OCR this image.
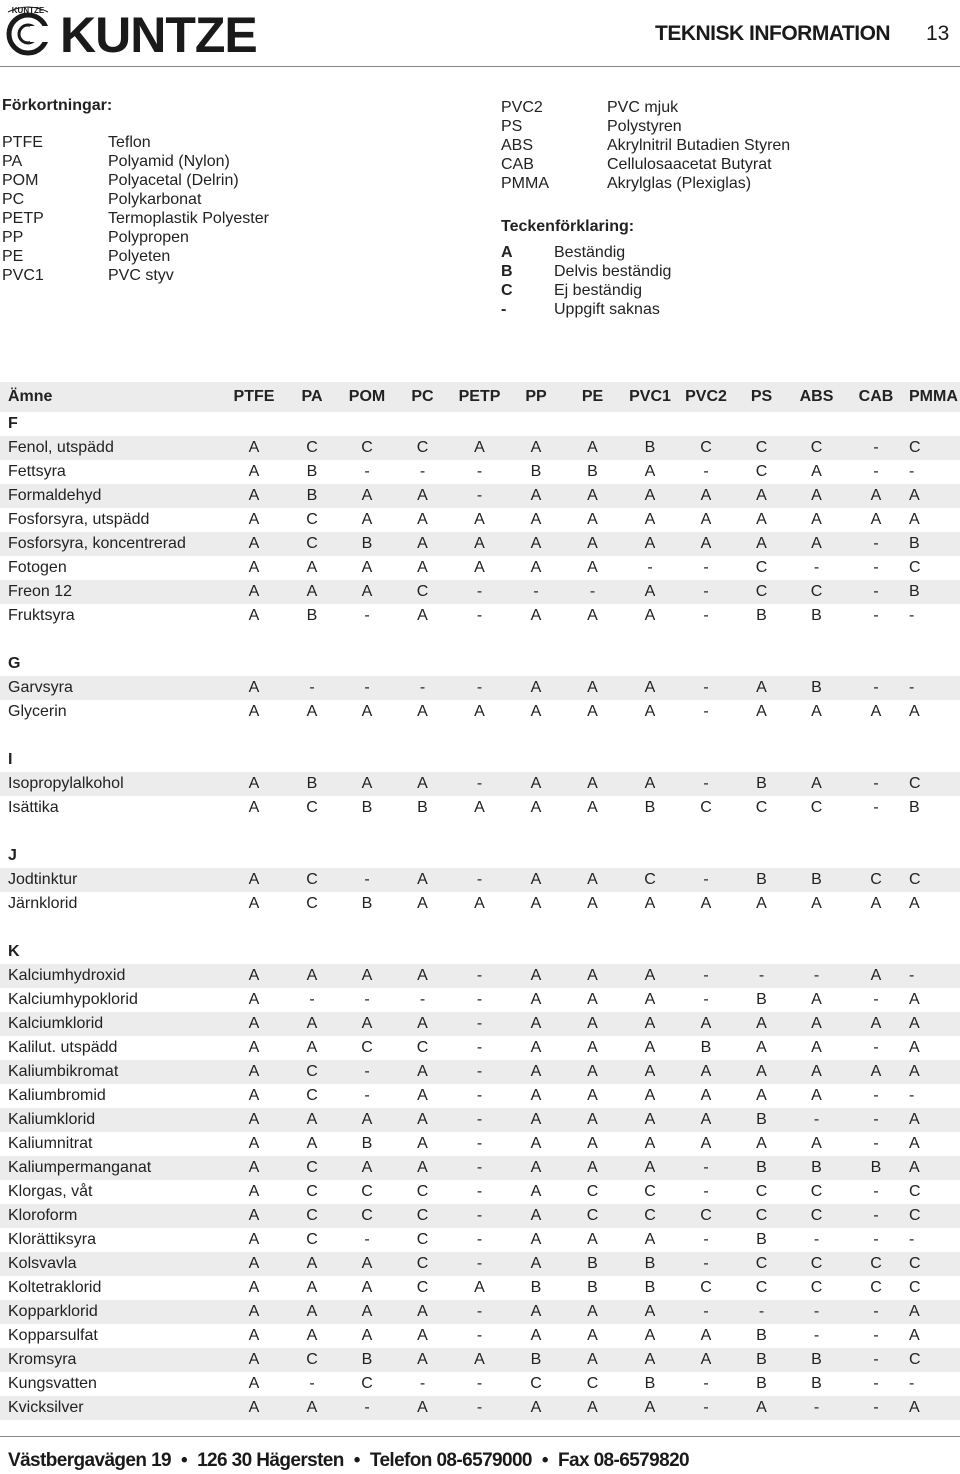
KUNTZE KUNTZE	TEKNISK INFORMATION 13
Förkortningar:
PTFE	Teflon
PA	Polyamid (Nylon)
POM	Polyacetal (Delrin)
PC	Polykarbonat
PETP	Termoplastik Polyester
PP	Polypropen
PE	Polyeten
PVC1	PVC styv
PVC2	PVC mjuk
PS	Polystyren
ABS	Akrylnitril Butadien Styren
CAB	Cellulosaacetat Butyrat
PMMA	Akrylglas (Plexiglas)
Teckenförklaring:
A	Beständig
B	Delvis beständig
C	Ej beständig
-	Uppgift saknas
Ämne	PTFE	PA	POM	PC	PETP	PP	PE	PVC1 PVC2	PS	ABS	CAB PMMA
F
Fenol, utspädd	A	C	C	C	A	A	A	B	C	C	C	-	C
Fettsyra	A	B	-	-	-	B	B	A	-	C	A	-	-
Formaldehyd	A	B	A	A	-	A	A	A	A	A	A	A	A
Fosforsyra, utspädd	A	C	A	A	A	A	A	A	A	A	A	A	A
Fosforsyra, koncentrerad	A	C	B	A	A	A	A	A	A	A	A	-	B
Fotogen	A	A	A	A	A	A	A	-	-	C	-	-	C
Freon 12	A	A	A	C	-	-	-	A	-	C	C	-	B
Fruktsyra	A	B	-	A	-	A	A	A	-	B	B	-	-
G
Garvsyra	A	-	-	-	-	A	A	A	-	A	B	-	-
Glycerin	A	A	A	A	A	A	A	A	-	A	A	A	A
I
Isopropylalkohol	A	B	A	A	-	A	A	A	-	B	A	-	C
Isättika	A	C	B	B	A	A	A	B	C	C	C	-	B
J
Jodtinktur	A	C	-	A	-	A	A	C	-	B	B	C	C
Järnklorid	A	C	B	A	A	A	A	A	A	A	A	A	A
K
Kalciumhydroxid	A	A	A	A	-	A	A	A	-	-	-	A	-
Kalciumhypoklorid	A	-	-	-	-	A	A	A	-	B	A	-	A
Kalciumklorid	A	A	A	A	-	A	A	A	A	A	A	A	A
Kalilut. utspädd	A	A	C	C	-	A	A	A	B	A	A	-	A
Kaliumbikromat	A	C	-	A	-	A	A	A	A	A	A	A	A
Kaliumbromid	A	C	-	A	-	A	A	A	A	A	A	-	-
Kaliumklorid	A	A	A	A	-	A	A	A	A	B	-	-	A
Kaliumnitrat	A	A	B	A	-	A	A	A	A	A	A	-	A
Kaliumpermanganat	A	C	A	A	-	A	A	A	-	B	B	B	A
Klorgas, våt	A	C	C	C	-	A	C	C	-	C	C	-	C
Kloroform	A	C	C	C	-	A	C	C	C	C	C	-	C
Klorättiksyra	A	C	-	C	-	A	A	A	-	B	-	-	-
Kolsvavla	A	A	A	C	-	A	B	B	-	C	C	C	C
Koltetraklorid	A	A	A	C	A	B	B	B	C	C	C	C	C
Kopparklorid	A	A	A	A	-	A	A	A	-	-	-	-	A
Kopparsulfat	A	A	A	A	-	A	A	A	A	B	-	-	A
Kromsyra	A	C	B	A	A	B	A	A	A	B	B	-	C
Kungsvatten	A	-	C	-	-	C	C	B	-	B	B	-	-
Kvicksilver	A	A	-	A	-	A	A	A	-	A	-	-	A
Västbergavägen 19 • 126 30 Hägersten • Telefon 08-6579000 • Fax 08-6579820
